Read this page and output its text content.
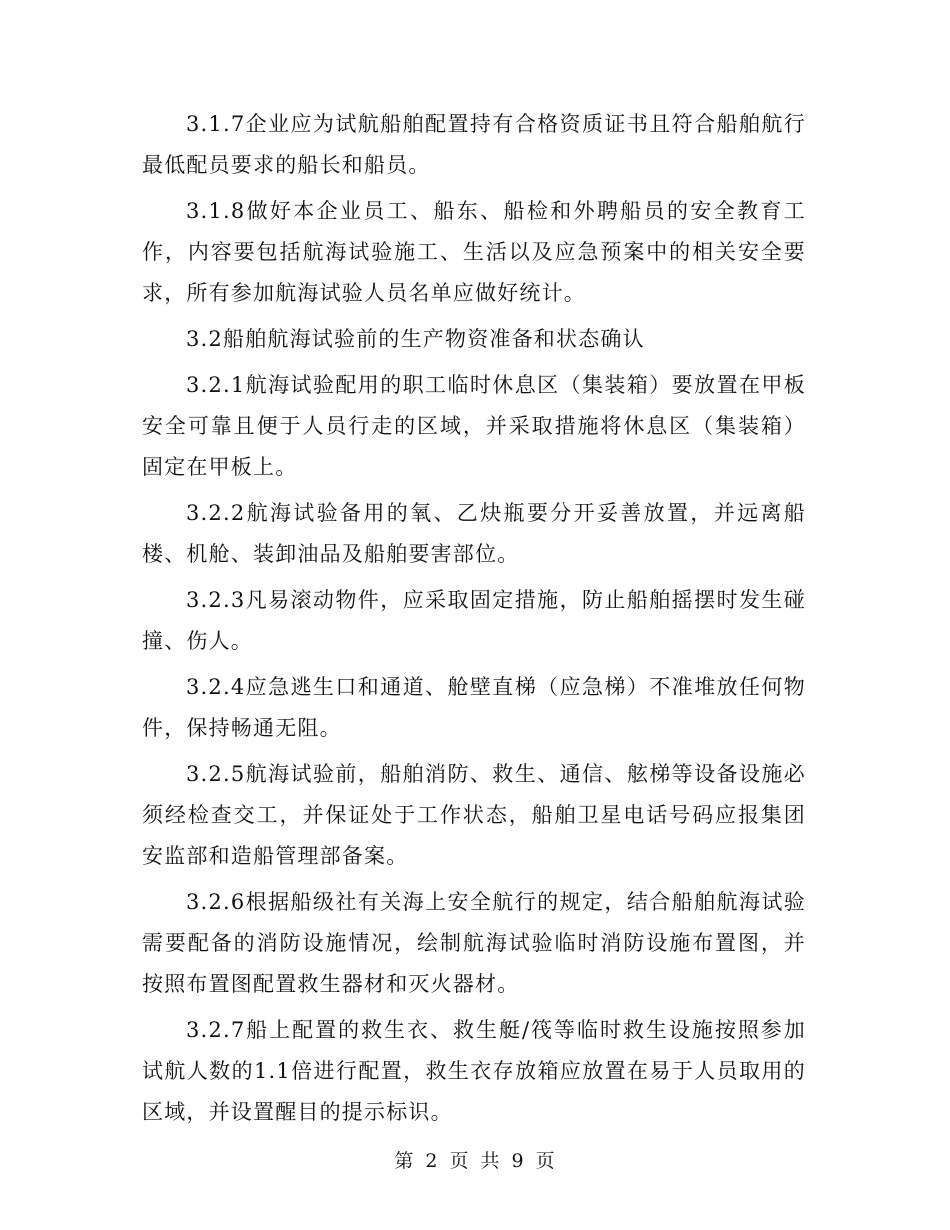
3.1.7企业应为试航船舶配置持有合格资质证书且符合船舶航行最低配员要求的船长和船员。

3.1.8做好本企业员工、船东、船检和外聘船员的安全教育工作，内容要包括航海试验施工、生活以及应急预案中的相关安全要求，所有参加航海试验人员名单应做好统计。

3.2船舶航海试验前的生产物资准备和状态确认

3.2.1航海试验配用的职工临时休息区（集装箱）要放置在甲板安全可靠且便于人员行走的区域，并采取措施将休息区（集装箱）固定在甲板上。

3.2.2航海试验备用的氧、乙炔瓶要分开妥善放置，并远离船楼、机舱、装卸油品及船舶要害部位。

3.2.3凡易滚动物件，应采取固定措施，防止船舶摇摆时发生碰撞、伤人。

3.2.4应急逃生口和通道、舱壁直梯（应急梯）不准堆放任何物件，保持畅通无阻。

3.2.5航海试验前，船舶消防、救生、通信、舷梯等设备设施必须经检查交工，并保证处于工作状态，船舶卫星电话号码应报集团安监部和造船管理部备案。

3.2.6根据船级社有关海上安全航行的规定，结合船舶航海试验需要配备的消防设施情况，绘制航海试验临时消防设施布置图，并按照布置图配置救生器材和灭火器材。

3.2.7船上配置的救生衣、救生艇/筏等临时救生设施按照参加试航人数的1.1倍进行配置，救生衣存放箱应放置在易于人员取用的区域，并设置醒目的提示标识。

第 2 页 共 9 页
